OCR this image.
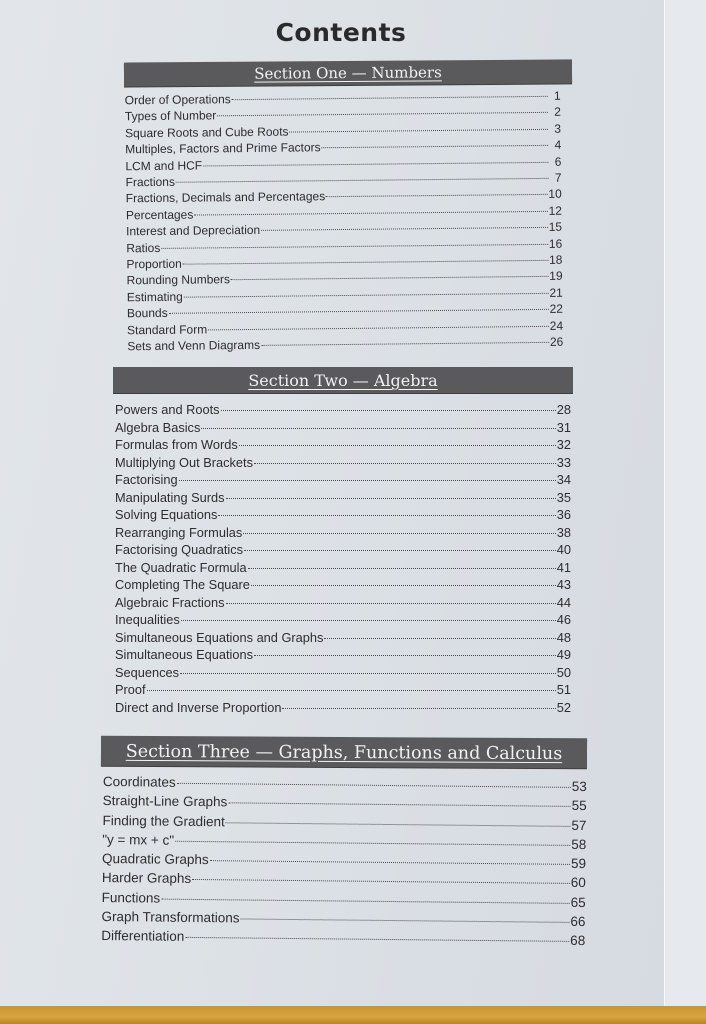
Contents
Section One — Numbers
Order of Operations	1
Types of Number	2
Square Roots and Cube Roots	3
Multiples, Factors and Prime Factors	4
LCM and HCF	6
Fractions	7
Fractions, Decimals and Percentages	10
Percentages	12
Interest and Depreciation	15
Ratios	16
Proportion	18
Rounding Numbers	19
Estimating	21
Bounds	22
Standard Form	24
Sets and Venn Diagrams	26
Section Two — Algebra
Powers and Roots	28
Algebra Basics	31
Formulas from Words	32
Multiplying Out Brackets	33
Factorising	34
Manipulating Surds	35
Solving Equations	36
Rearranging Formulas	38
Factorising Quadratics	40
The Quadratic Formula	41
Completing The Square	43
Algebraic Fractions	44
Inequalities	46
Simultaneous Equations and Graphs	48
Simultaneous Equations	49
Sequences	50
Proof	51
Direct and Inverse Proportion	52
Section Three — Graphs, Functions and Calculus
Coordinates	53
Straight-Line Graphs	55
Finding the Gradient	57
"y = mx + c"	58
Quadratic Graphs	59
Harder Graphs	60
Functions	65
Graph Transformations	66
Differentiation	68
